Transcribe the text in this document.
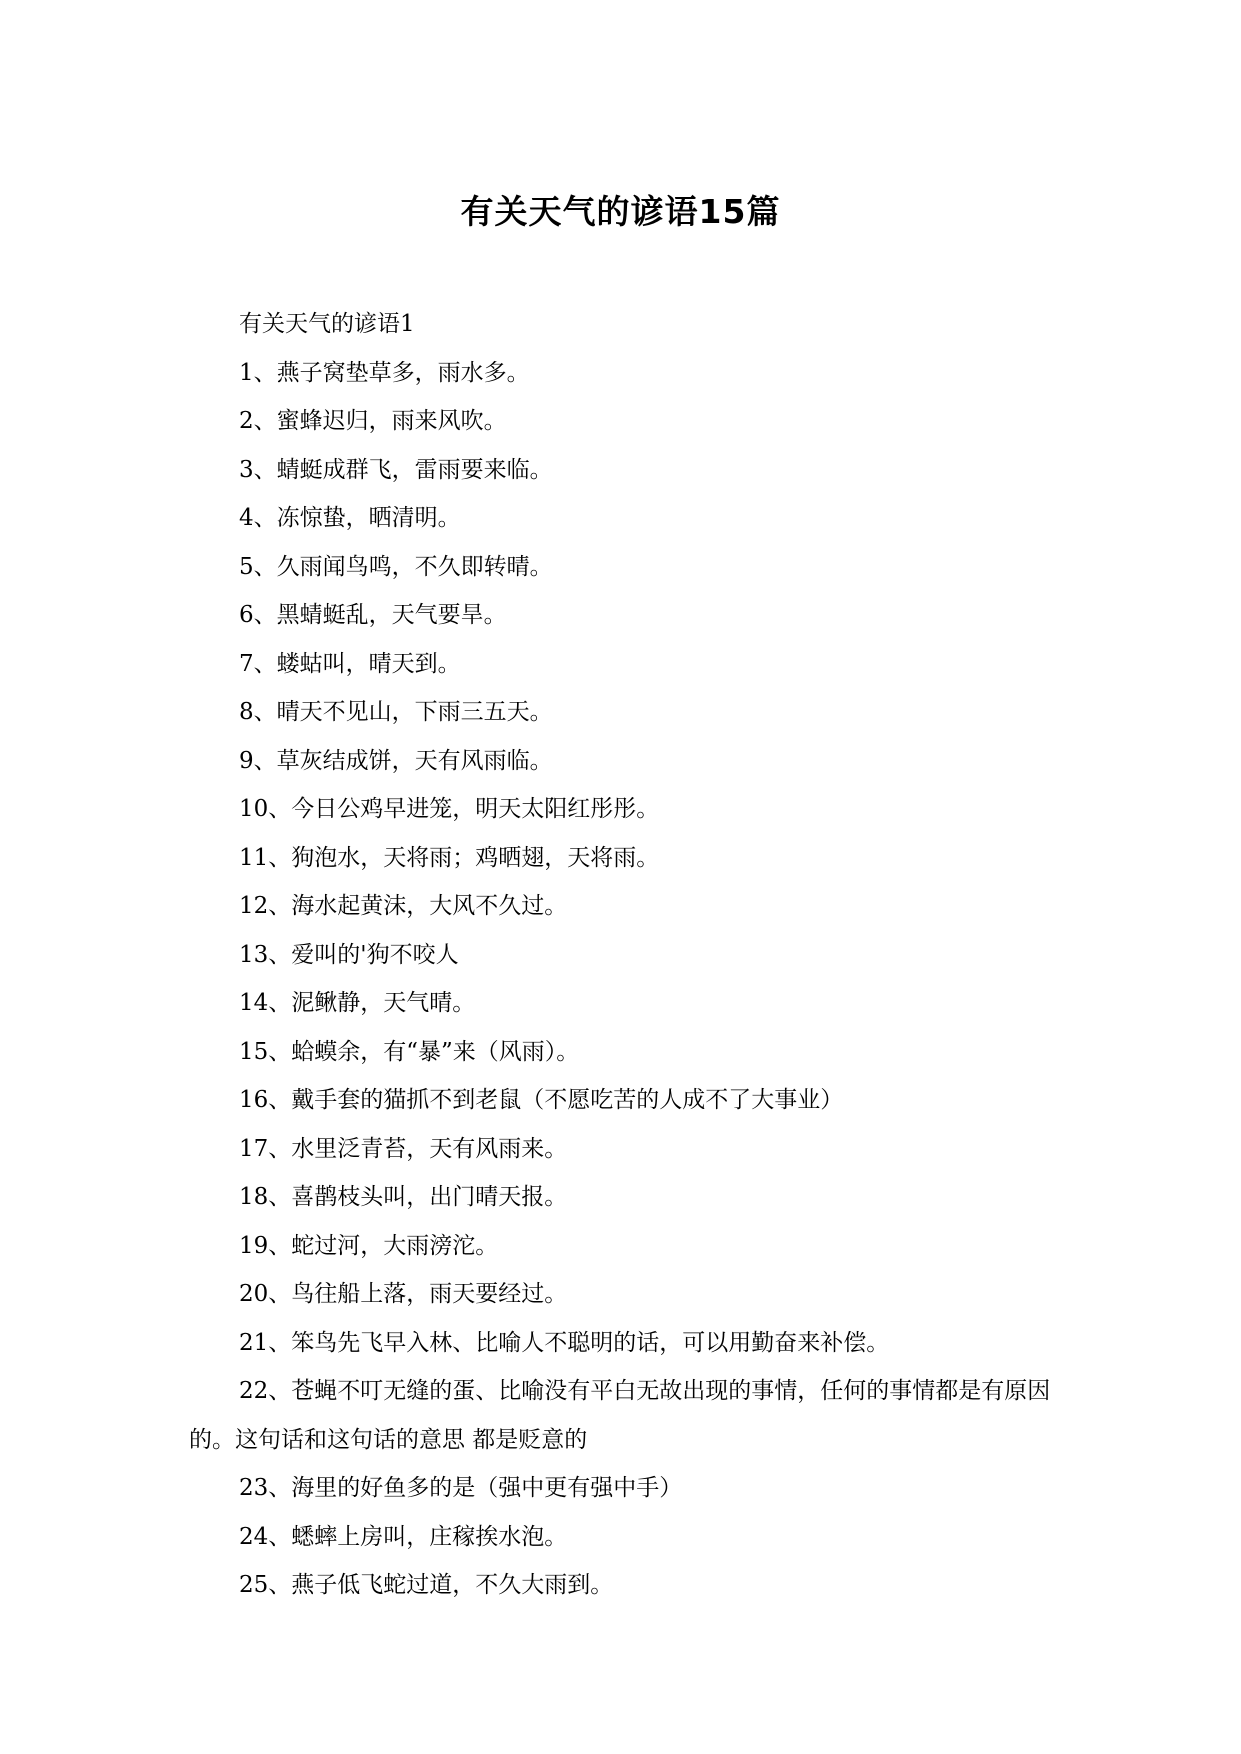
有关天气的谚语15篇

有关天气的谚语1

1、燕子窝垫草多，雨水多。

2、蜜蜂迟归，雨来风吹。

3、蜻蜓成群飞，雷雨要来临。

4、冻惊蛰，晒清明。

5、久雨闻鸟鸣，不久即转晴。

6、黑蜻蜓乱，天气要旱。

7、蝼蛄叫，晴天到。

8、晴天不见山，下雨三五天。

9、草灰结成饼，天有风雨临。

10、今日公鸡早进笼，明天太阳红彤彤。

11、狗泡水，天将雨；鸡晒翅，天将雨。

12、海水起黄沫，大风不久过。

13、爱叫的'狗不咬人

14、泥鳅静，天气晴。

15、蛤蟆余，有“暴”来（风雨）。

16、戴手套的猫抓不到老鼠（不愿吃苦的人成不了大事业）

17、水里泛青苔，天有风雨来。

18、喜鹊枝头叫，出门晴天报。

19、蛇过河，大雨滂沱。

20、鸟往船上落，雨天要经过。

21、笨鸟先飞早入林、比喻人不聪明的话，可以用勤奋来补偿。

22、苍蝇不叮无缝的蛋、比喻没有平白无故出现的事情，任何的事情都是有原因的。这句话和这句话的意思 都是贬意的

23、海里的好鱼多的是（强中更有强中手）

24、蟋蟀上房叫，庄稼挨水泡。

25、燕子低飞蛇过道，不久大雨到。
